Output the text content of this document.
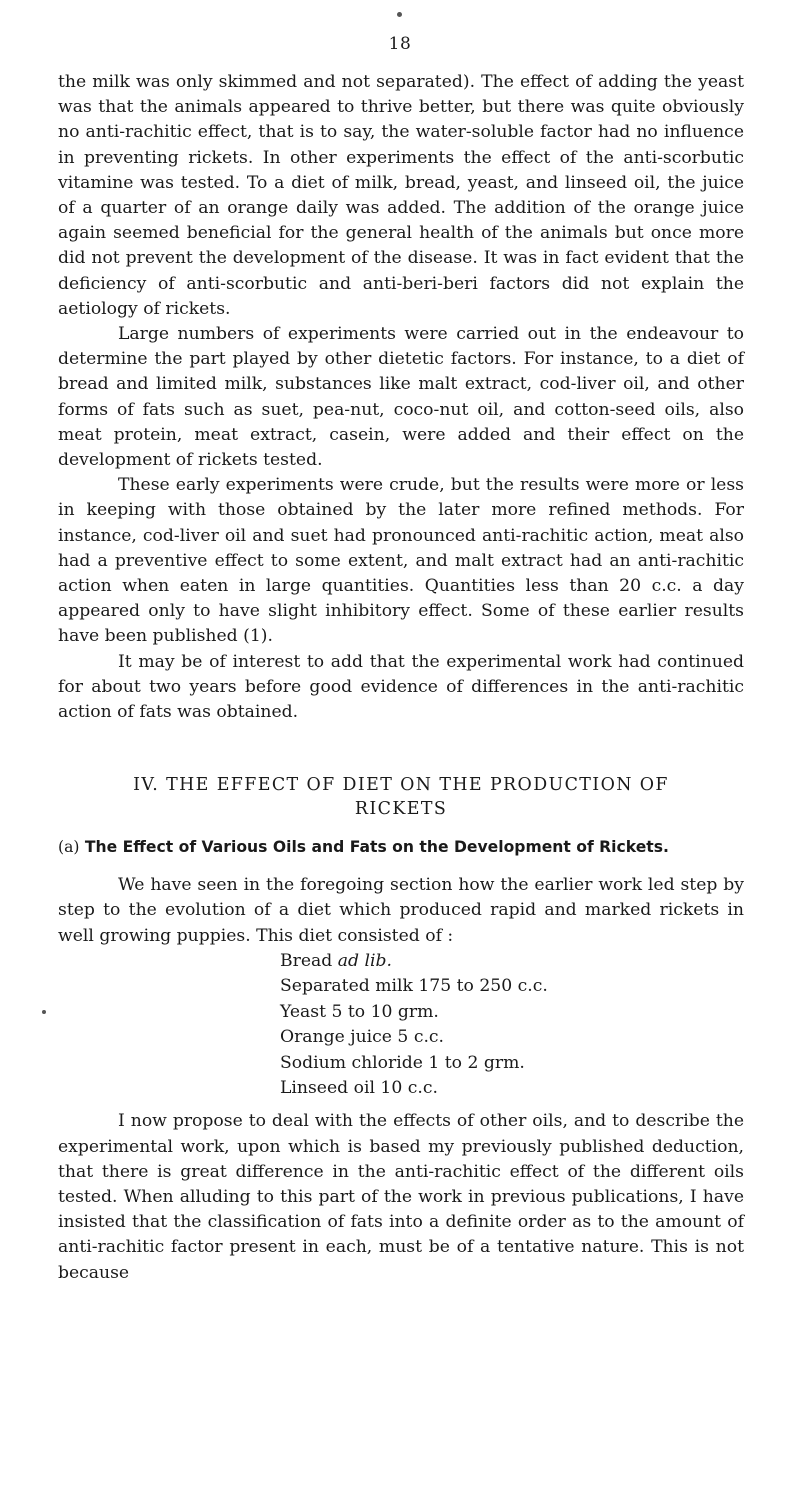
18

the milk was only skimmed and not separated). The effect of adding the yeast was that the animals appeared to thrive better, but there was quite obviously no anti-rachitic effect, that is to say, the water-soluble factor had no influence in preventing rickets. In other experiments the effect of the anti-scorbutic vitamine was tested. To a diet of milk, bread, yeast, and linseed oil, the juice of a quarter of an orange daily was added. The addition of the orange juice again seemed beneficial for the general health of the animals but once more did not prevent the development of the disease. It was in fact evident that the deficiency of anti-scorbutic and anti-beri-beri factors did not explain the aetiology of rickets.

Large numbers of experiments were carried out in the endeavour to determine the part played by other dietetic factors. For instance, to a diet of bread and limited milk, substances like malt extract, cod-liver oil, and other forms of fats such as suet, pea-nut, coco-nut oil, and cotton-seed oils, also meat protein, meat extract, casein, were added and their effect on the development of rickets tested.

These early experiments were crude, but the results were more or less in keeping with those obtained by the later more refined methods. For instance, cod-liver oil and suet had pronounced anti-rachitic action, meat also had a preventive effect to some extent, and malt extract had an anti-rachitic action when eaten in large quantities. Quantities less than 20 c.c. a day appeared only to have slight inhibitory effect. Some of these earlier results have been published (1).

It may be of interest to add that the experimental work had continued for about two years before good evidence of differences in the anti-rachitic action of fats was obtained.

IV. THE EFFECT OF DIET ON THE PRODUCTION OF
RICKETS
(a) The Effect of Various Oils and Fats on the Development of Rickets.

We have seen in the foregoing section how the earlier work led step by step to the evolution of a diet which produced rapid and marked rickets in well growing puppies. This diet consisted of :

Bread ad lib.
Separated milk 175 to 250 c.c.
Yeast 5 to 10 grm.
Orange juice 5 c.c.
Sodium chloride 1 to 2 grm.
Linseed oil 10 c.c.

I now propose to deal with the effects of other oils, and to describe the experimental work, upon which is based my previously published deduction, that there is great difference in the anti-rachitic effect of the different oils tested. When alluding to this part of the work in previous publications, I have insisted that the classification of fats into a definite order as to the amount of anti-rachitic factor present in each, must be of a tentative nature. This is not because
